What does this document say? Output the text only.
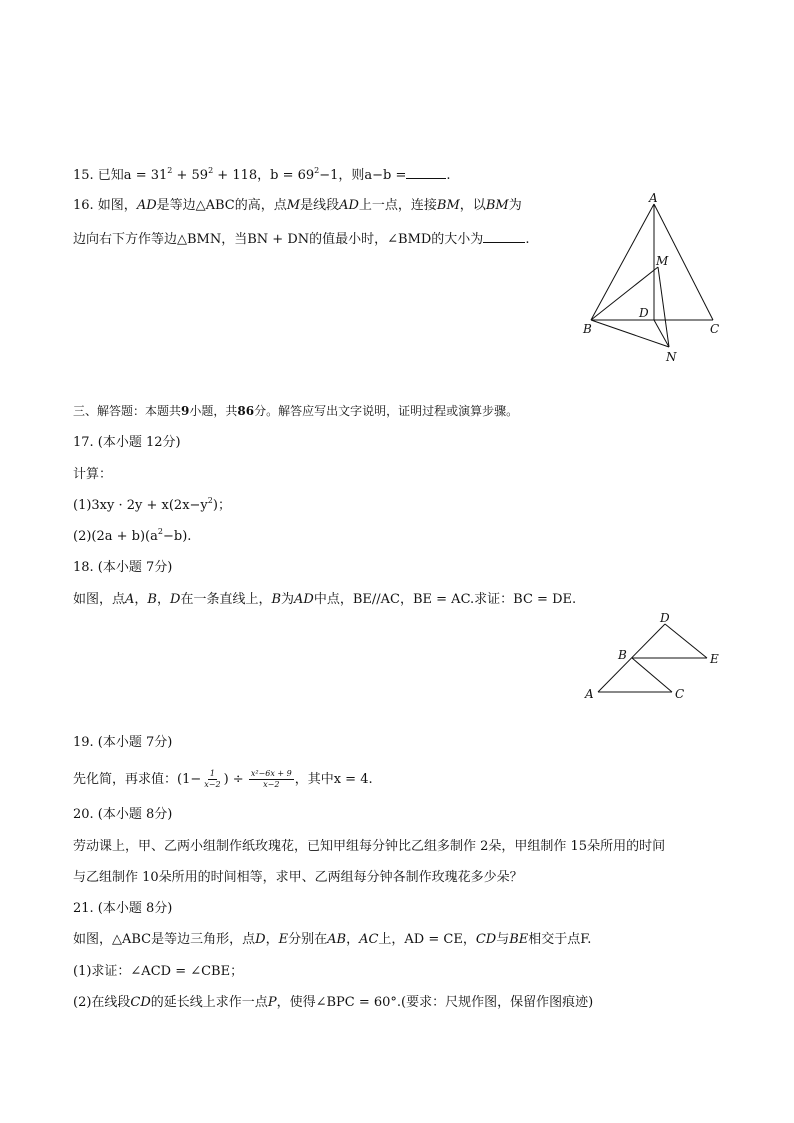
15. 已知$a = 31^2 + 59^2 + 118$，$b = 69^2-1$，则a−b =	.
16. 如图，AD是等边△ABC的高，点M是线段AD上一点，连接BM，以BM为
边向右下方作等边△BMN，当BN + DN的值最小时，∠BMD的大小为	.
A
M
D
B	C
N
三、解答题：本题共9小题，共86分。解答应写出文字说明，证明过程或演算步骤。
17. (本小题 12分)
计算：
$(1)3xy \cdot 2y + x(2x-y^2)$；
$(2)(2a + b)(a^2-b)$.
18. (本小题 7分)
如图，点A，B，D在一条直线上，B为AD中点，BE//AC，BE = AC.求证：BC = DE.
D
B	E
A	C
19. (本小题 7分)
先化简，再求值：($1- \frac{1}{x-2}$ ) ÷ $\frac{\text{x²−6x + 9}}{x-2}$ ，其中x = 4.
20. (本小题 8分)
劳动课上，甲、乙两小组制作纸玫瑰花，已知甲组每分钟比乙组多制作 2朵，甲组制作 15朵所用的时间
与乙组制作 10朵所用的时间相等，求甲、乙两组每分钟各制作玫瑰花多少朵？
21. (本小题 8分)
如图，△ABC是等边三角形，点D，E分别在AB，AC上，AD = CE，CD与BE相交于点F.
(1)求证：∠ACD = ∠CBE；
(2)在线段CD的延长线上求作一点P，使得∠BPC = 60°.(要求：尺规作图，保留作图痕迹)
